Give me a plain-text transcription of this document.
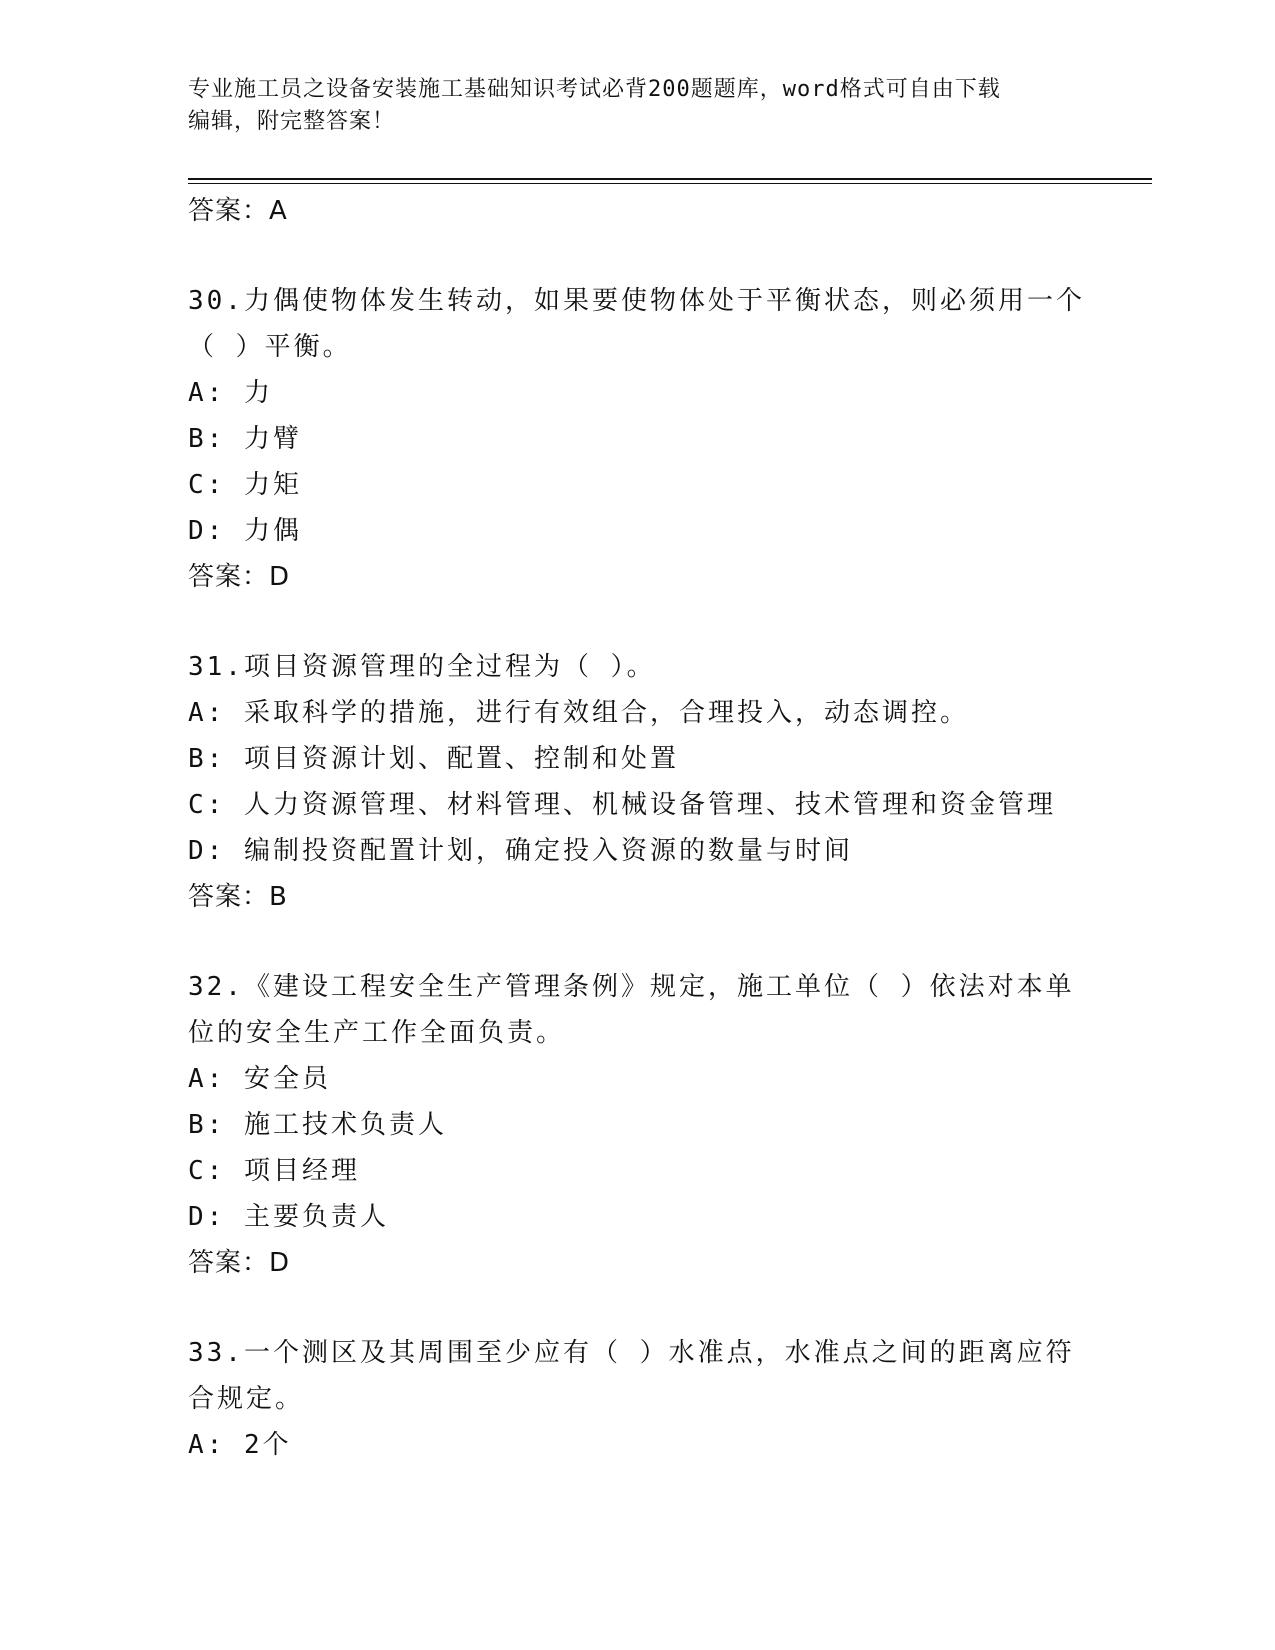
专业施工员之设备安装施工基础知识考试必背200题题库，word格式可自由下载
编辑，附完整答案！

答案：A

30.力偶使物体发生转动，如果要使物体处于平衡状态，则必须用一个
（ ）平衡。

A: 力

B: 力臂

C: 力矩

D: 力偶

答案：D

31.项目资源管理的全过程为（ ）。

A: 采取科学的措施，进行有效组合，合理投入，动态调控。

B: 项目资源计划、配置、控制和处置

C: 人力资源管理、材料管理、机械设备管理、技术管理和资金管理

D: 编制投资配置计划，确定投入资源的数量与时间

答案：B

32.《建设工程安全生产管理条例》规定，施工单位（ ）依法对本单
位的安全生产工作全面负责。

A: 安全员

B: 施工技术负责人

C: 项目经理

D: 主要负责人

答案：D

33.一个测区及其周围至少应有（ ）水准点，水准点之间的距离应符
合规定。

A: 2个
